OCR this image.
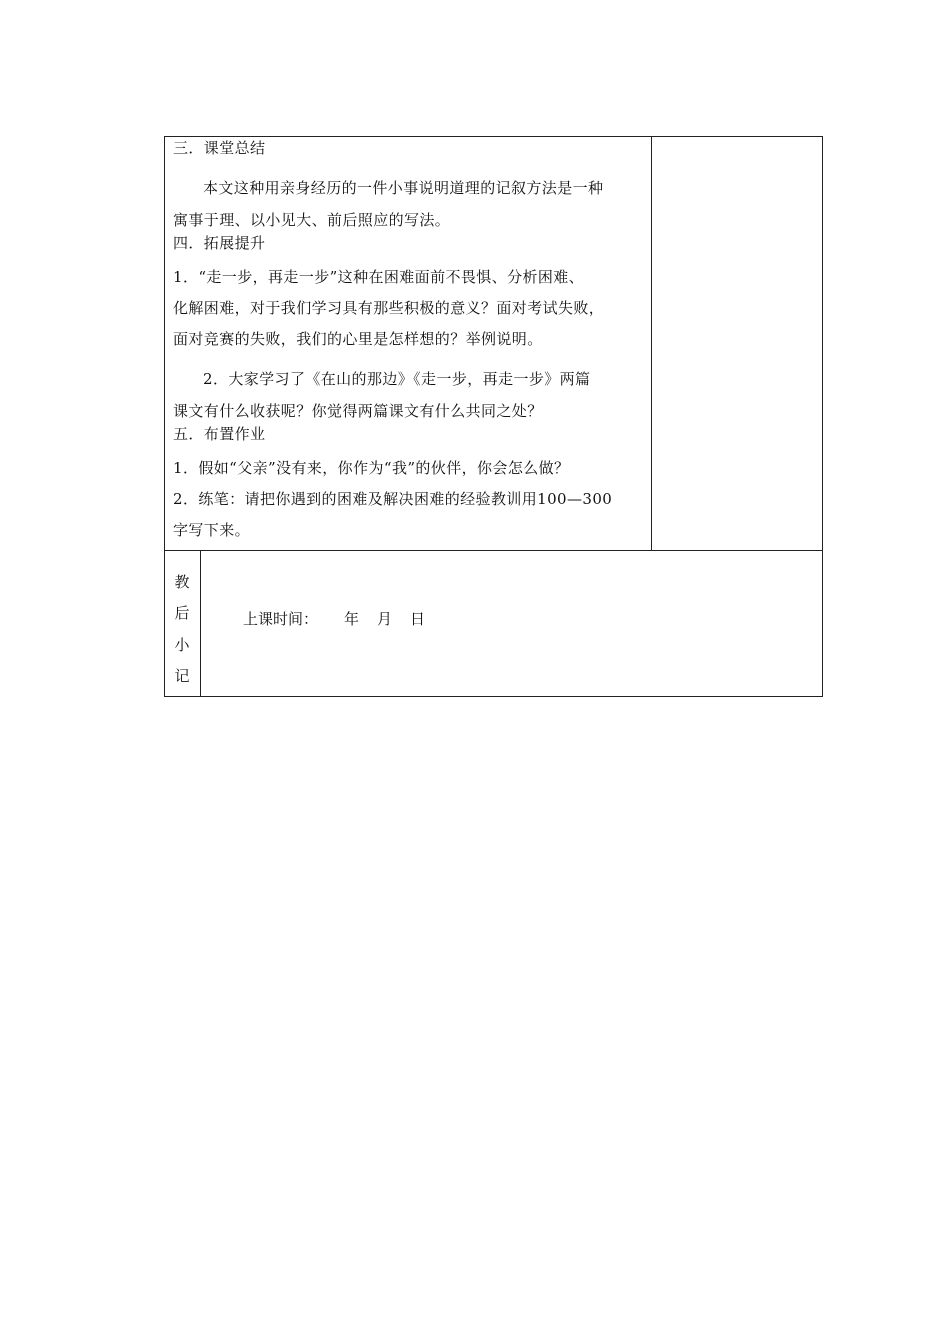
三．课堂总结
本文这种用亲身经历的一件小事说明道理的记叙方法是一种
寓事于理、以小见大、前后照应的写法。
四．拓展提升
1．“走一步，再走一步”这种在困难面前不畏惧、分析困难、
化解困难，对于我们学习具有那些积极的意义？面对考试失败，
面对竞赛的失败，我们的心里是怎样想的？举例说明。
2．大家学习了《在山的那边》《走一步，再走一步》两篇
课文有什么收获呢？你觉得两篇课文有什么共同之处？
五．布置作业
1．假如“父亲”没有来，你作为“我”的伙伴，你会怎么做？
2．练笔：请把你遇到的困难及解决困难的经验教训用100—300
字写下来。
教
后
小
记
上课时间： 年 月 日
